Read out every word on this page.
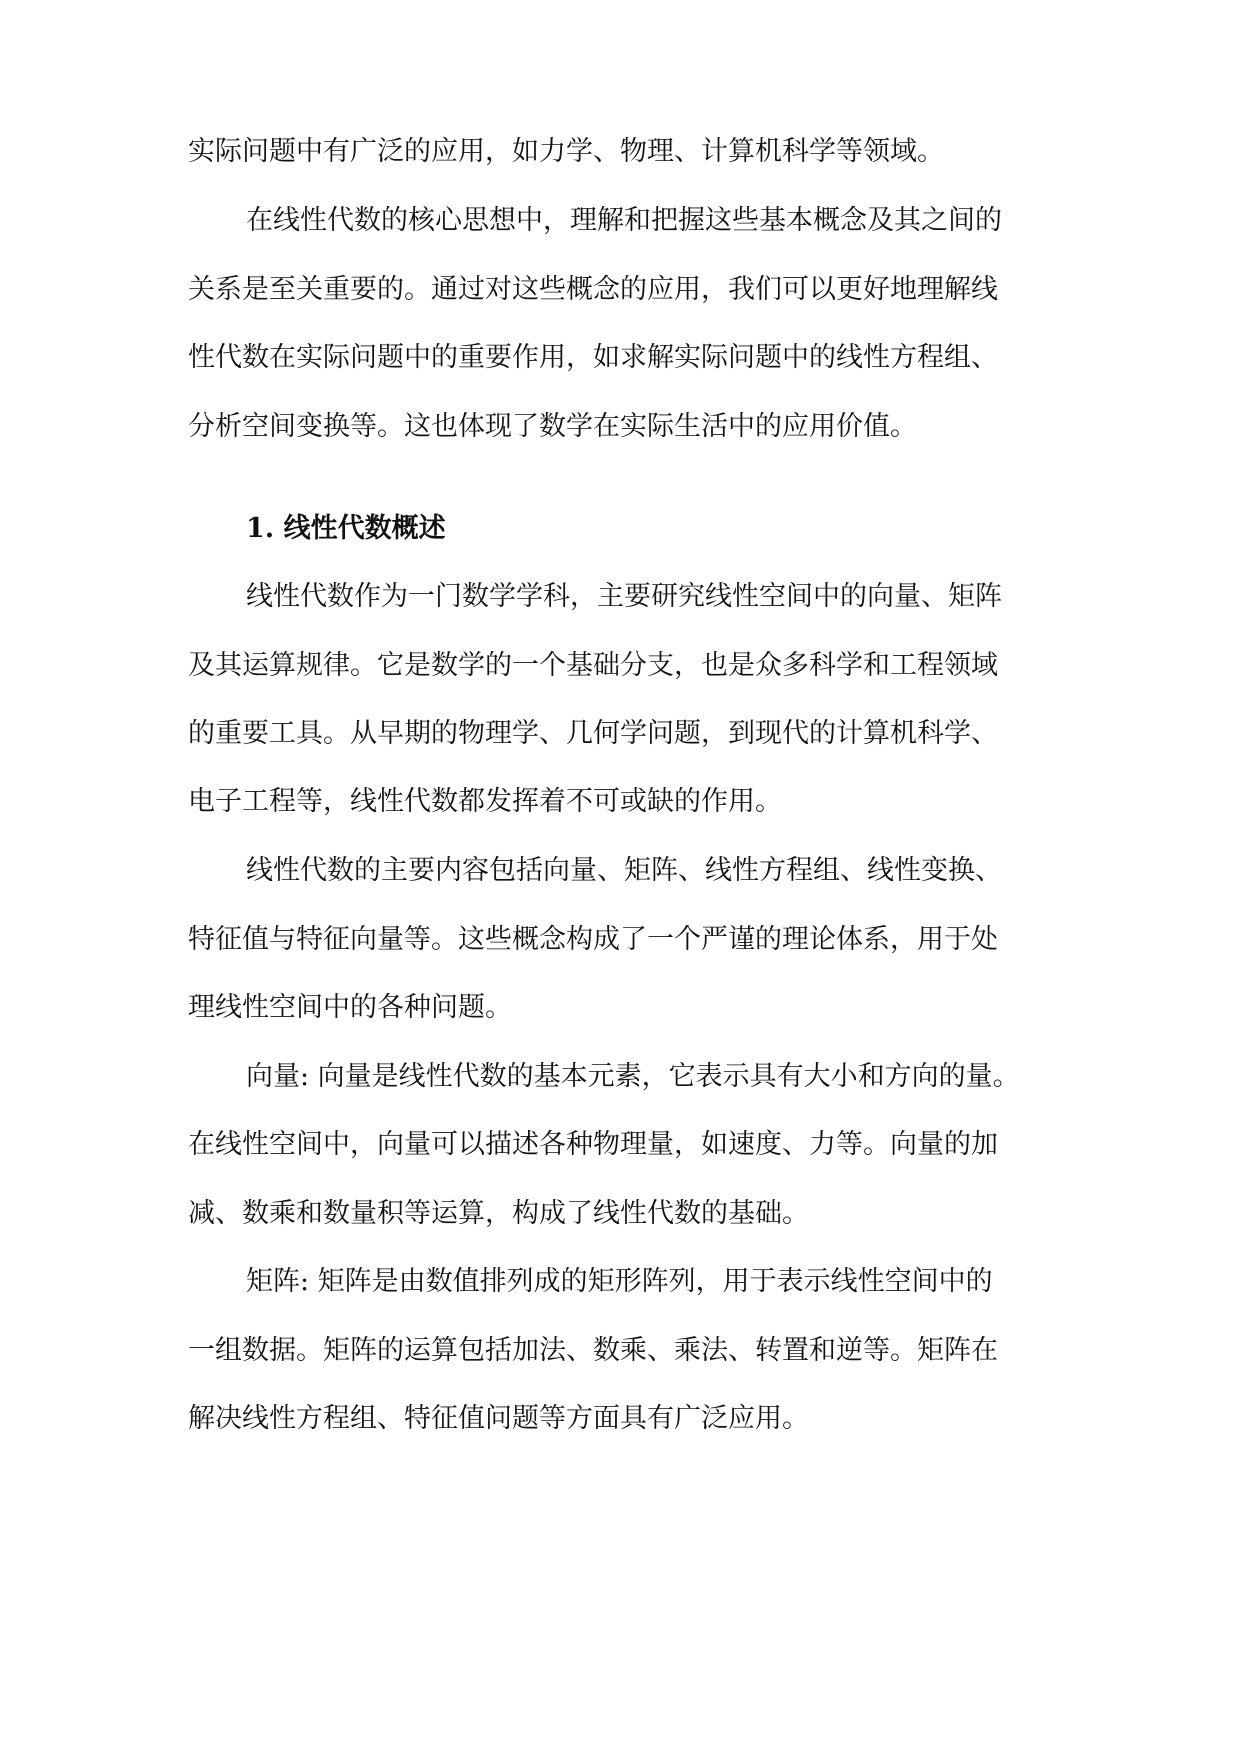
实际问题中有广泛的应用，如力学、物理、计算机科学等领域。
在线性代数的核心思想中，理解和把握这些基本概念及其之间的
关系是至关重要的。通过对这些概念的应用，我们可以更好地理解线
性代数在实际问题中的重要作用，如求解实际问题中的线性方程组、
分析空间变换等。这也体现了数学在实际生活中的应用价值。
1. 线性代数概述
线性代数作为一门数学学科，主要研究线性空间中的向量、矩阵
及其运算规律。它是数学的一个基础分支，也是众多科学和工程领域
的重要工具。从早期的物理学、几何学问题，到现代的计算机科学、
电子工程等，线性代数都发挥着不可或缺的作用。
线性代数的主要内容包括向量、矩阵、线性方程组、线性变换、
特征值与特征向量等。这些概念构成了一个严谨的理论体系，用于处
理线性空间中的各种问题。
向量: 向量是线性代数的基本元素，它表示具有大小和方向的量。
在线性空间中，向量可以描述各种物理量，如速度、力等。向量的加
减、数乘和数量积等运算，构成了线性代数的基础。
矩阵: 矩阵是由数值排列成的矩形阵列，用于表示线性空间中的
一组数据。矩阵的运算包括加法、数乘、乘法、转置和逆等。矩阵在
解决线性方程组、特征值问题等方面具有广泛应用。
